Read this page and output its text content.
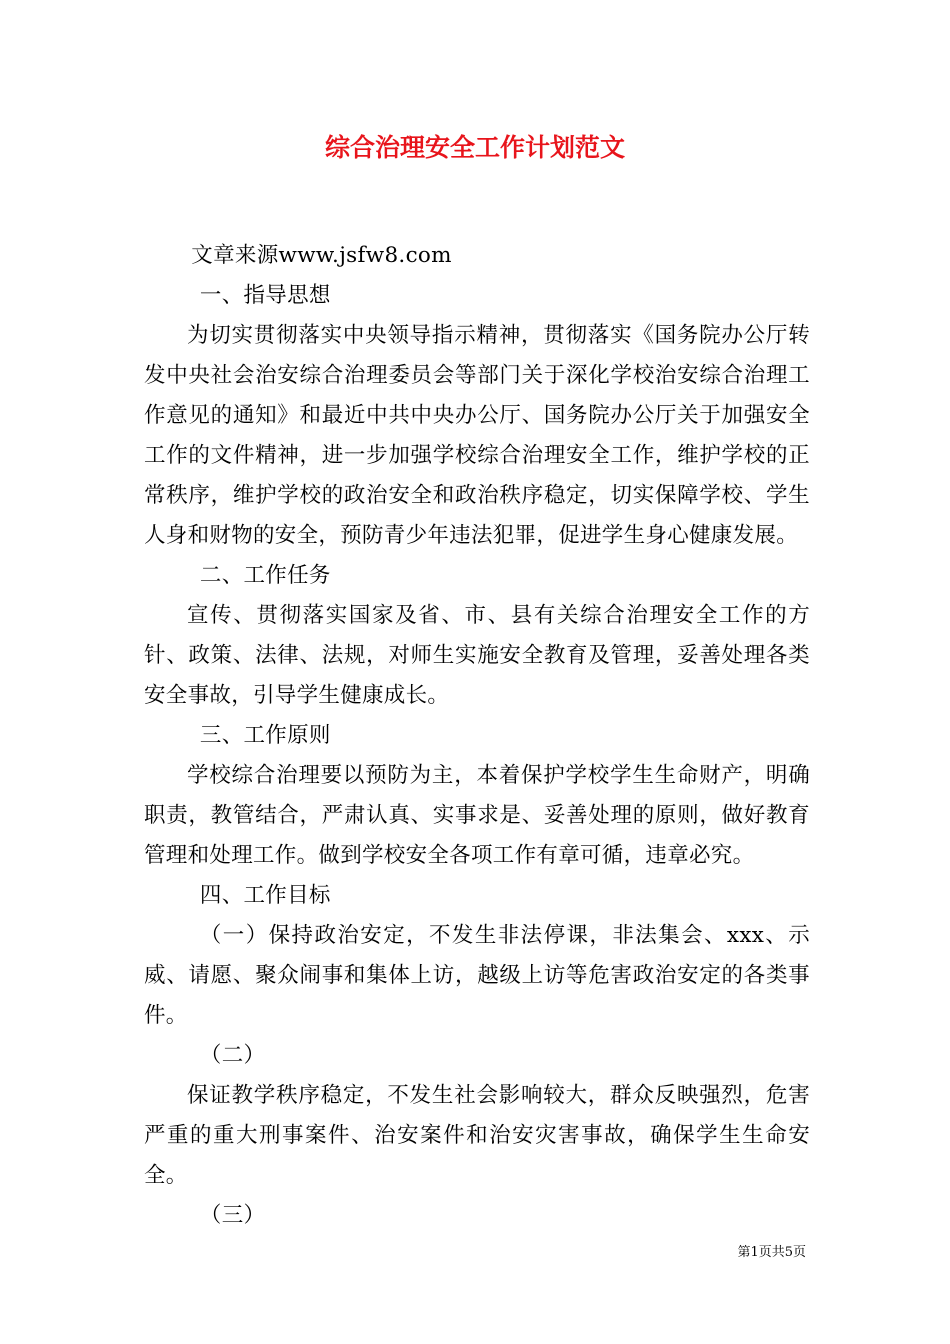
综合治理安全工作计划范文

文章来源www.jsfw8.com

一、指导思想

为切实贯彻落实中央领导指示精神，贯彻落实《国务院办公厅转发中央社会治安综合治理委员会等部门关于深化学校治安综合治理工作意见的通知》和最近中共中央办公厅、国务院办公厅关于加强安全工作的文件精神，进一步加强学校综合治理安全工作，维护学校的正常秩序，维护学校的政治安全和政治秩序稳定，切实保障学校、学生人身和财物的安全，预防青少年违法犯罪，促进学生身心健康发展。

二、工作任务

宣传、贯彻落实国家及省、市、县有关综合治理安全工作的方针、政策、法律、法规，对师生实施安全教育及管理，妥善处理各类安全事故，引导学生健康成长。

三、工作原则

学校综合治理要以预防为主，本着保护学校学生生命财产，明确职责，教管结合，严肃认真、实事求是、妥善处理的原则，做好教育管理和处理工作。做到学校安全各项工作有章可循，违章必究。

四、工作目标

（一）保持政治安定，不发生非法停课，非法集会、xxx、示威、请愿、聚众闹事和集体上访，越级上访等危害政治安定的各类事件。

（二）

保证教学秩序稳定，不发生社会影响较大，群众反映强烈，危害严重的重大刑事案件、治安案件和治安灾害事故，确保学生生命安全。

（三）

第1页共5页
